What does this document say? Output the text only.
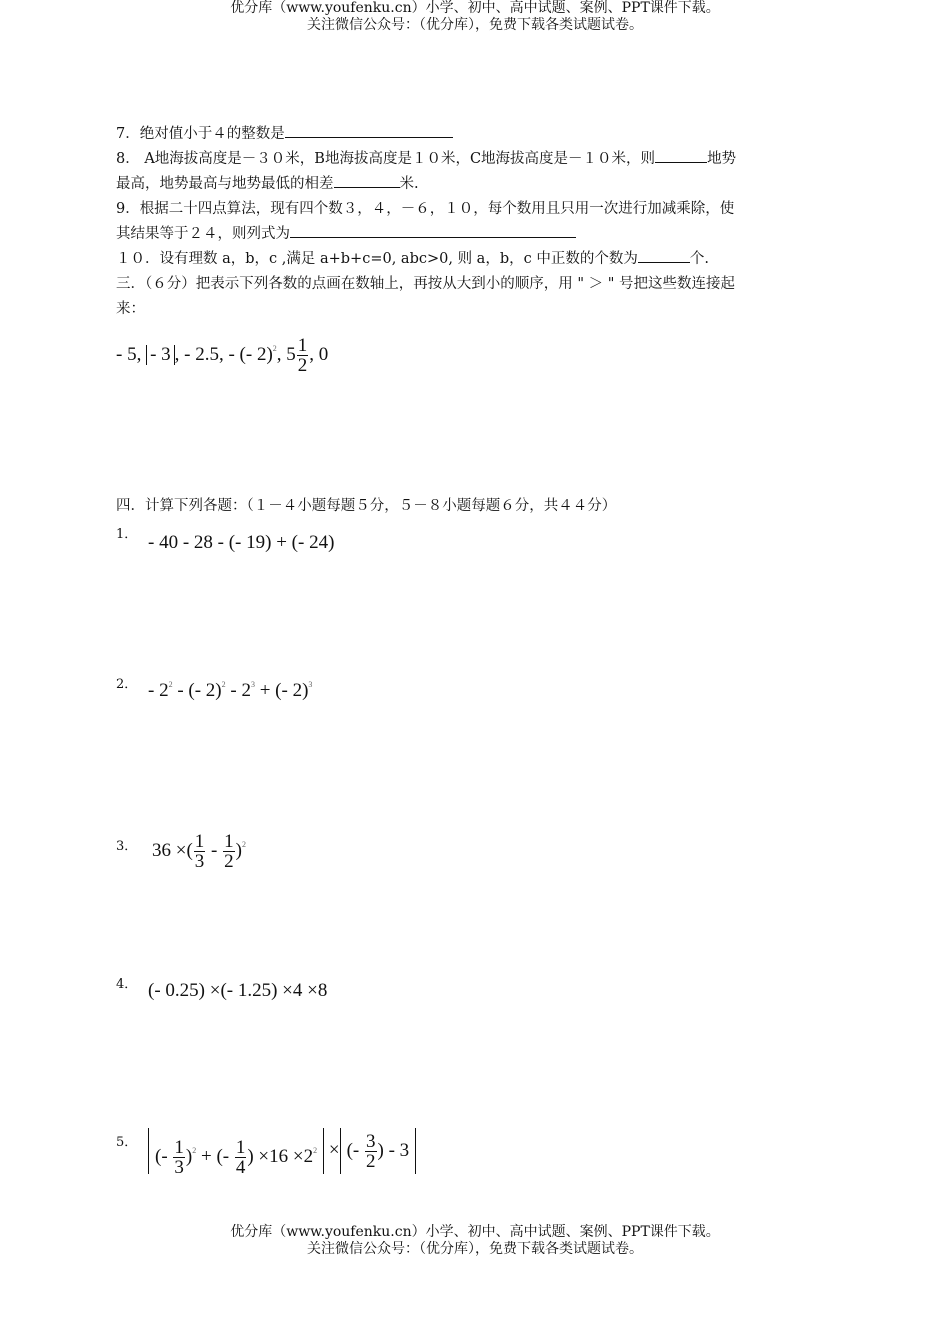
优分库（www.youfenku.cn）小学、初中、高中试题、案例、PPT课件下载。
关注微信公众号：（优分库），免费下载各类试题试卷。
7．绝对值小于４的整数是
8． A地海拔高度是－３０米，B地海拔高度是１０米，C地海拔高度是－１０米，则	地势
最高，地势最高与地势最低的相差	米.
9．根据二十四点算法，现有四个数３，４，－６，１０，每个数用且只用一次进行加减乘除，使
其结果等于２４，则列式为
１０．设有理数 a，b，c ,满足 a+b+c=0, abc>0, 则 a，b，c 中正数的个数为	个.
三．（６分）把表示下列各数的点画在数轴上，再按从大到小的顺序，用 " ＞ " 号把这些数连接起
来：
- 5, - 3 , - 2.5, - (- 2)$^2$, $5 \frac{1}{2}$ , 0
四．计算下列各题：（１－４小题每题５分，５－８小题每题６分，共４４分）
1． - 40 - 28 - (- 19) + (- 24)
2． - $2^2$ - (- $2)^2 - 2^3$ + (- 2)$^3$
3． 36 ×( $\frac{1}{3} - \frac{1}{2} )^2$
4． (- 0.25) ×(- 1.25) ×4 ×8
5．
(- $\frac{1}{3} )^2$ + (- $\frac{1}{4}$ ) $\times 16 \times 2^2$ × (- $\frac{3}{2}$ ) - 3
优分库（www.youfenku.cn）小学、初中、高中试题、案例、PPT课件下载。
关注微信公众号：（优分库），免费下载各类试题试卷。
